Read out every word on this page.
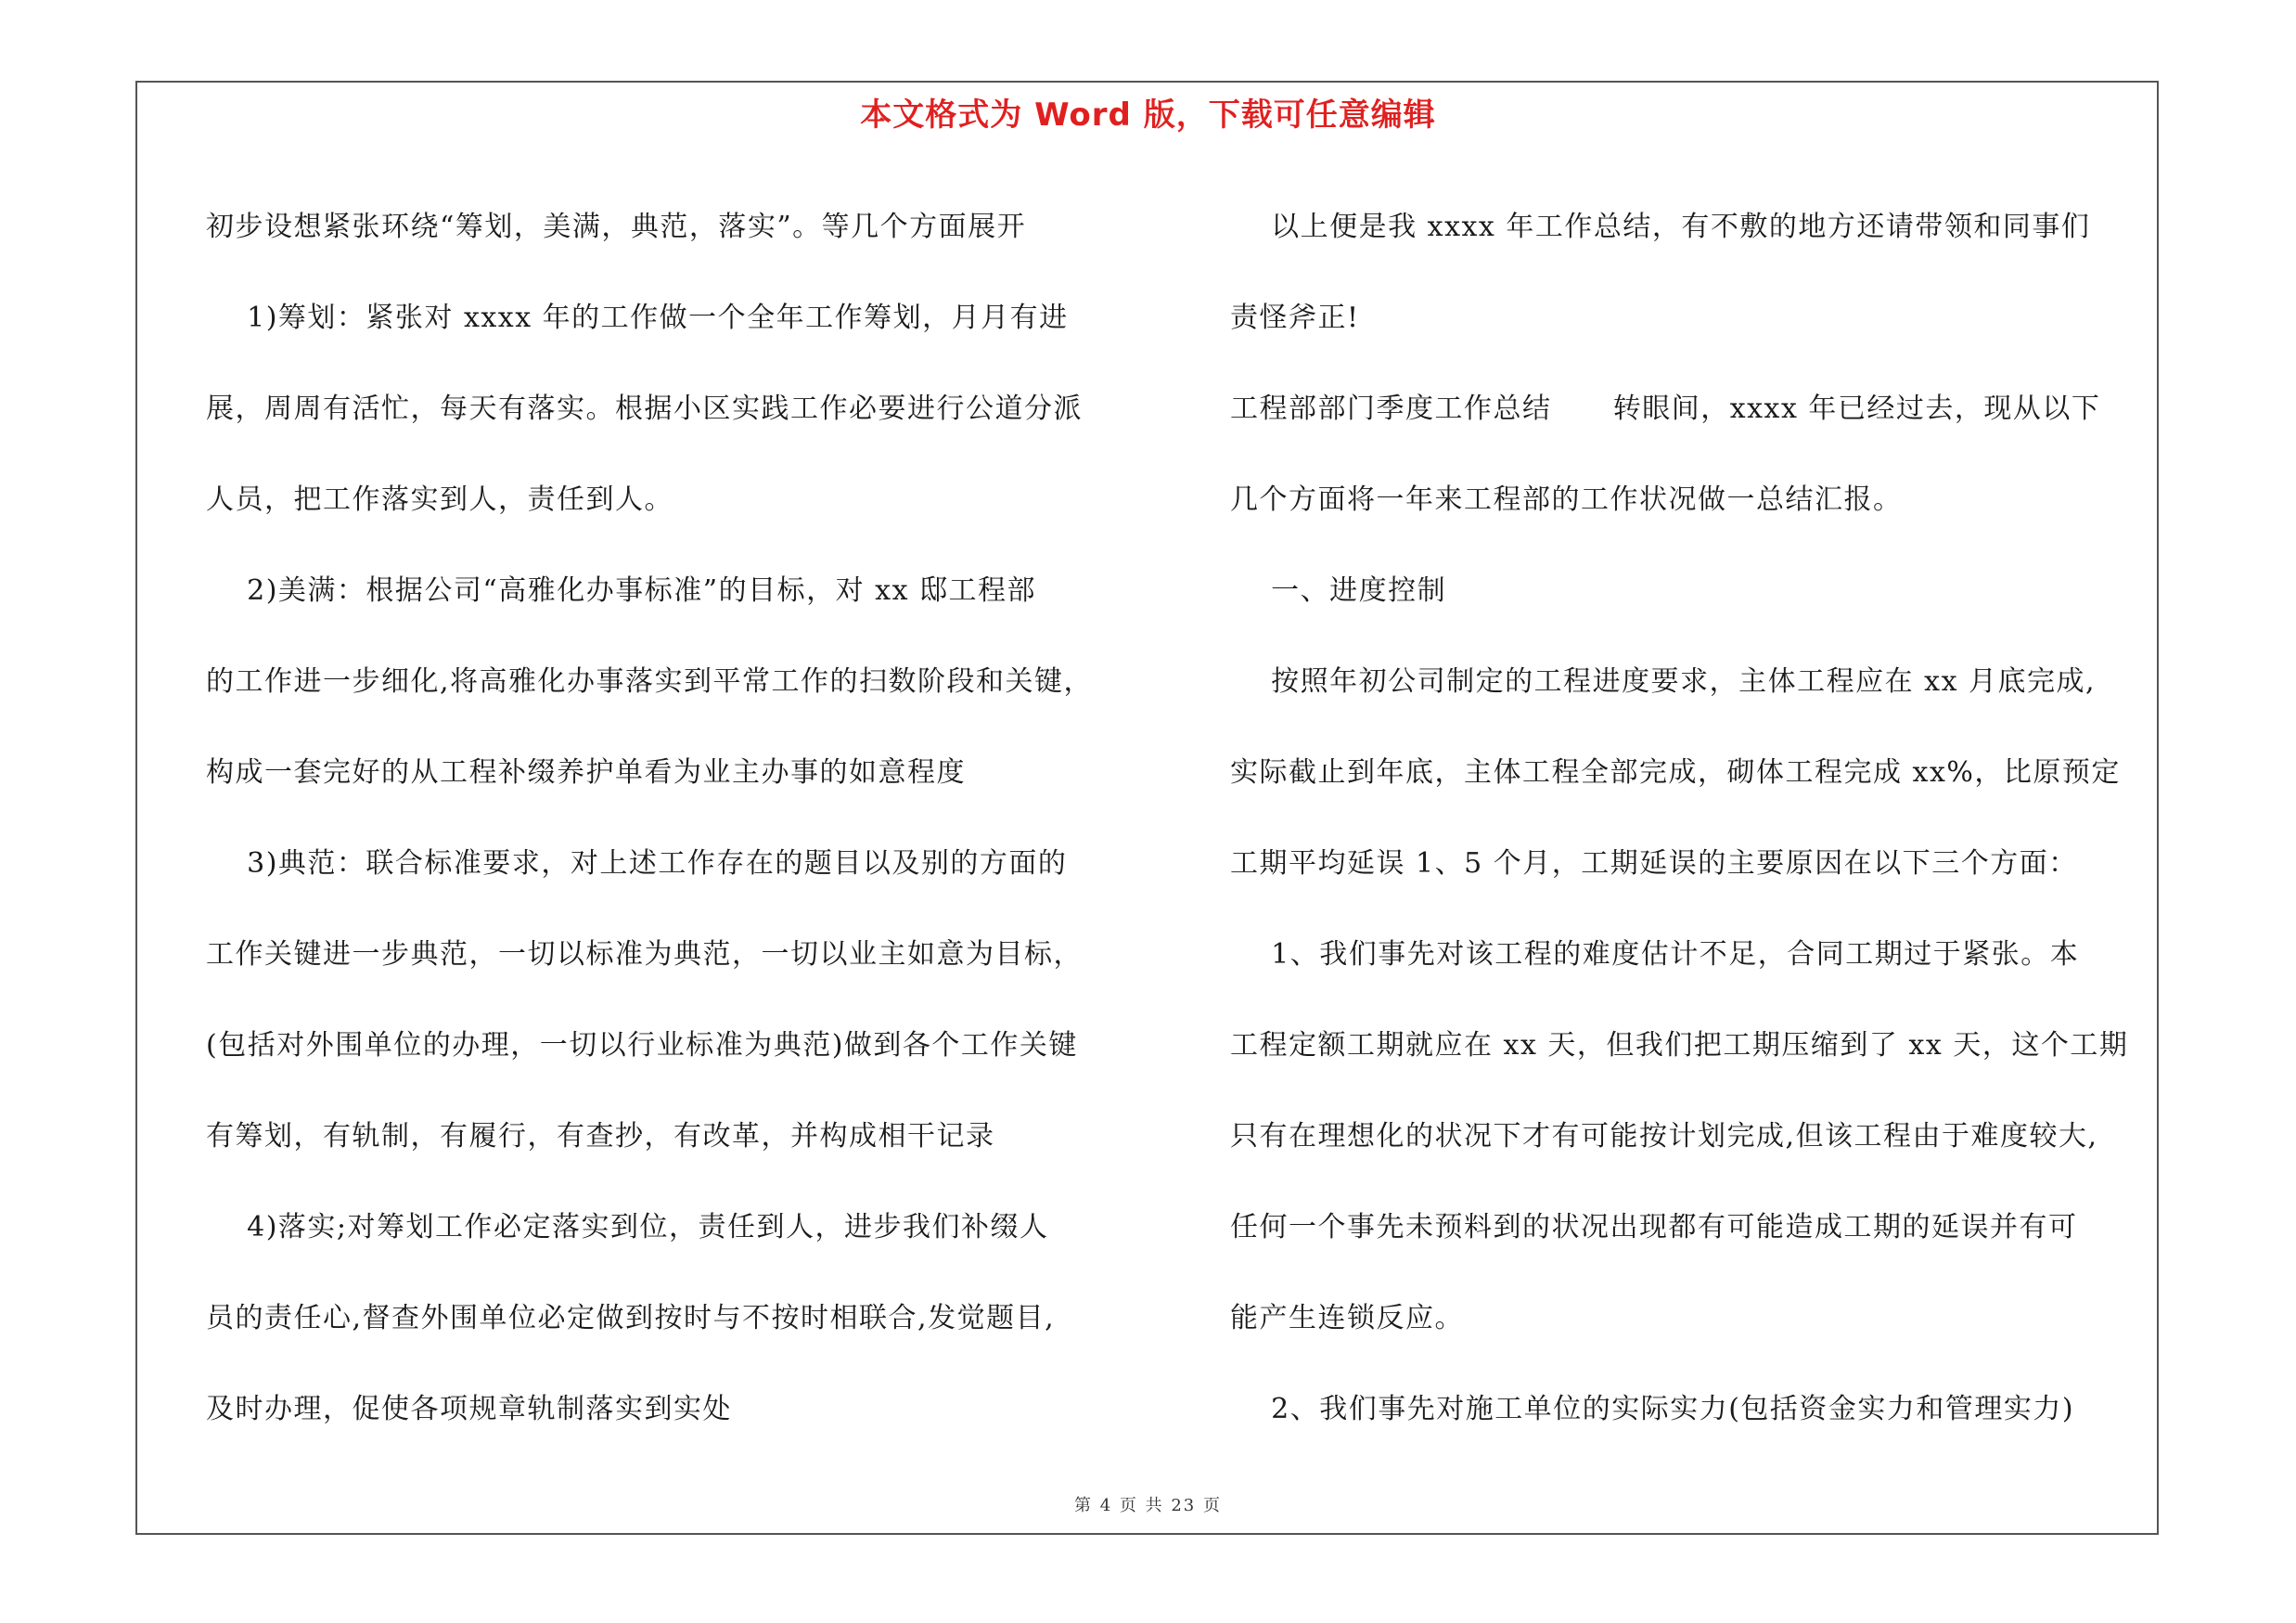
本文格式为 Word 版，下载可任意编辑
初步设想紧张环绕“筹划，美满，典范，落实”。等几个方面展开
1)筹划：紧张对 xxxx 年的工作做一个全年工作筹划，月月有进
展，周周有活忙，每天有落实。根据小区实践工作必要进行公道分派
人员，把工作落实到人，责任到人。
2)美满：根据公司“高雅化办事标准”的目标，对 xx 邸工程部
的工作进一步细化,将高雅化办事落实到平常工作的扫数阶段和关键，
构成一套完好的从工程补缀养护单看为业主办事的如意程度
3)典范：联合标准要求，对上述工作存在的题目以及别的方面的
工作关键进一步典范，一切以标准为典范，一切以业主如意为目标，
(包括对外围单位的办理，一切以行业标准为典范)做到各个工作关键
有筹划，有轨制，有履行，有查抄，有改革，并构成相干记录
4)落实;对筹划工作必定落实到位，责任到人，进步我们补缀人
员的责任心,督查外围单位必定做到按时与不按时相联合,发觉题目,
及时办理，促使各项规章轨制落实到实处
以上便是我 xxxx 年工作总结，有不敷的地方还请带领和同事们
责怪斧正!
工程部部门季度工作总结      转眼间，xxxx 年已经过去，现从以下
几个方面将一年来工程部的工作状况做一总结汇报。
一、进度控制
按照年初公司制定的工程进度要求，主体工程应在 xx 月底完成,
实际截止到年底，主体工程全部完成，砌体工程完成 xx%，比原预定
工期平均延误 1、5 个月，工期延误的主要原因在以下三个方面：
1、我们事先对该工程的难度估计不足，合同工期过于紧张。本
工程定额工期就应在 xx 天，但我们把工期压缩到了 xx 天，这个工期
只有在理想化的状况下才有可能按计划完成,但该工程由于难度较大,
任何一个事先未预料到的状况出现都有可能造成工期的延误并有可
能产生连锁反应。
2、我们事先对施工单位的实际实力(包括资金实力和管理实力)
第 4 页 共 23 页
